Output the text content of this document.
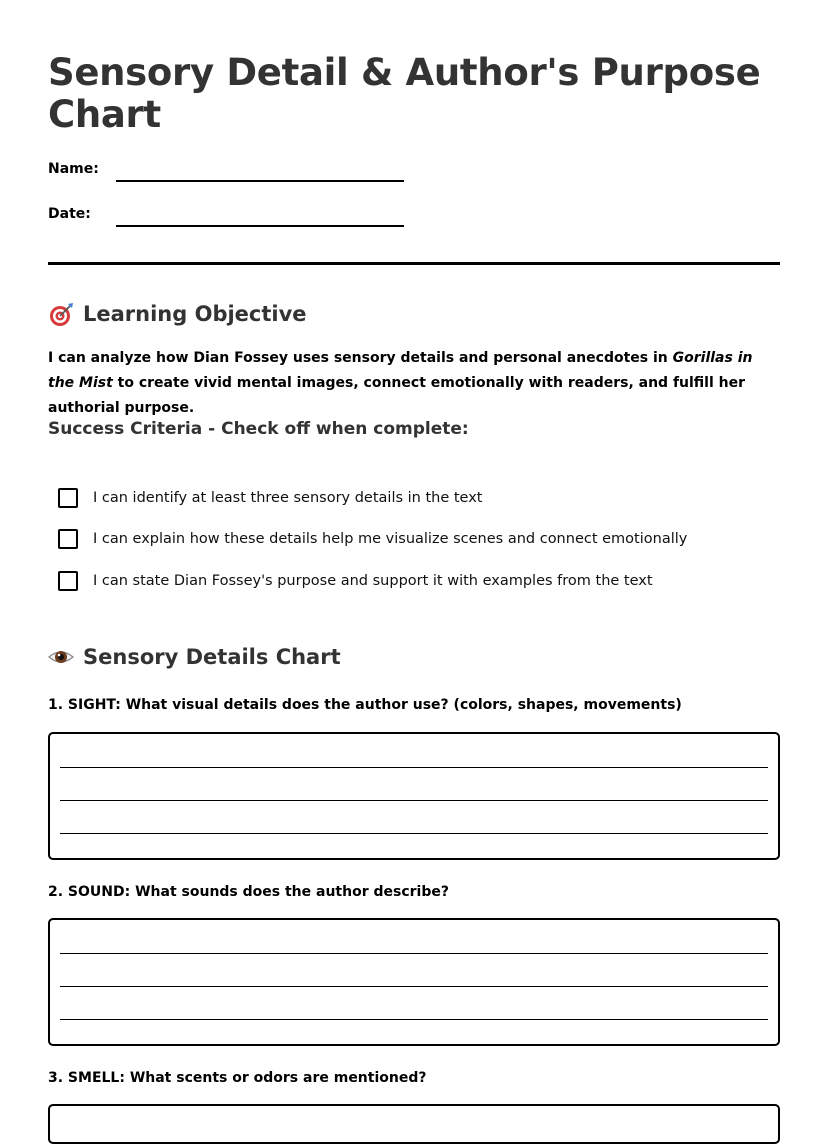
Sensory Detail & Author's Purpose Chart
Name:
Date:
Learning Objective

I can analyze how Dian Fossey uses sensory details and personal anecdotes in Gorillas in the Mist to create vivid mental images, connect emotionally with readers, and fulfill her authorial purpose.

Success Criteria - Check off when complete:
I can identify at least three sensory details in the text
I can explain how these details help me visualize scenes and connect emotionally
I can state Dian Fossey's purpose and support it with examples from the text
Sensory Details Chart

1. SIGHT: What visual details does the author use? (colors, shapes, movements)

2. SOUND: What sounds does the author describe?

3. SMELL: What scents or odors are mentioned?
